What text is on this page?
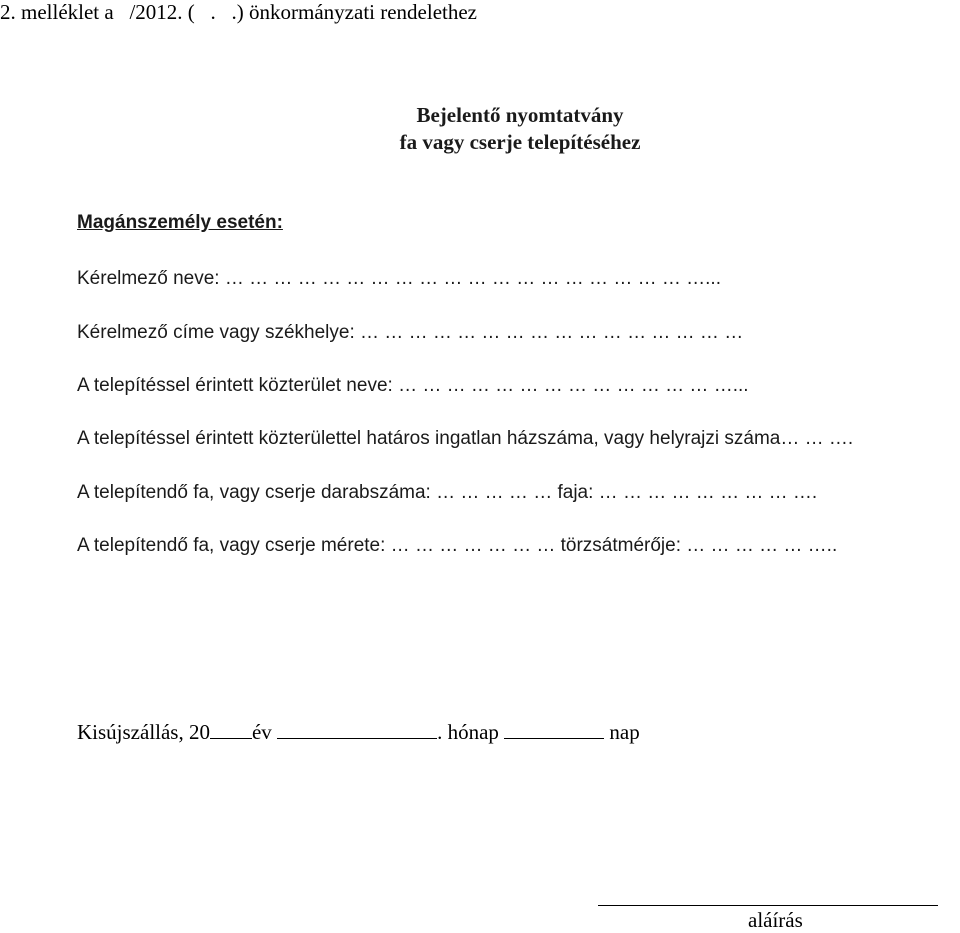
2. melléklet a   /2012. (   .   .) önkormányzati rendelethez
Bejelentő nyomtatvány
fa vagy cserje telepítéséhez
Magánszemély esetén:
Kérelmező neve: … … … … … … … … … … … … … … … … … … … …...
Kérelmező címe vagy székhelye: … … … … … … … … … … … … … … … …
A telepítéssel érintett közterület neve: … … … … … … … … … … … … … …...
A telepítéssel érintett közterülettel határos ingatlan házszáma, vagy helyrajzi száma… … ….
A telepítendő fa, vagy cserje darabszáma: … … … … … faja: … … … … … … … … ….
A telepítendő fa, vagy cserje mérete: … … … … … … … törzsátmérője: … … … … … …..
Kisújszállás, 20 év	. hónap	nap
aláírás
